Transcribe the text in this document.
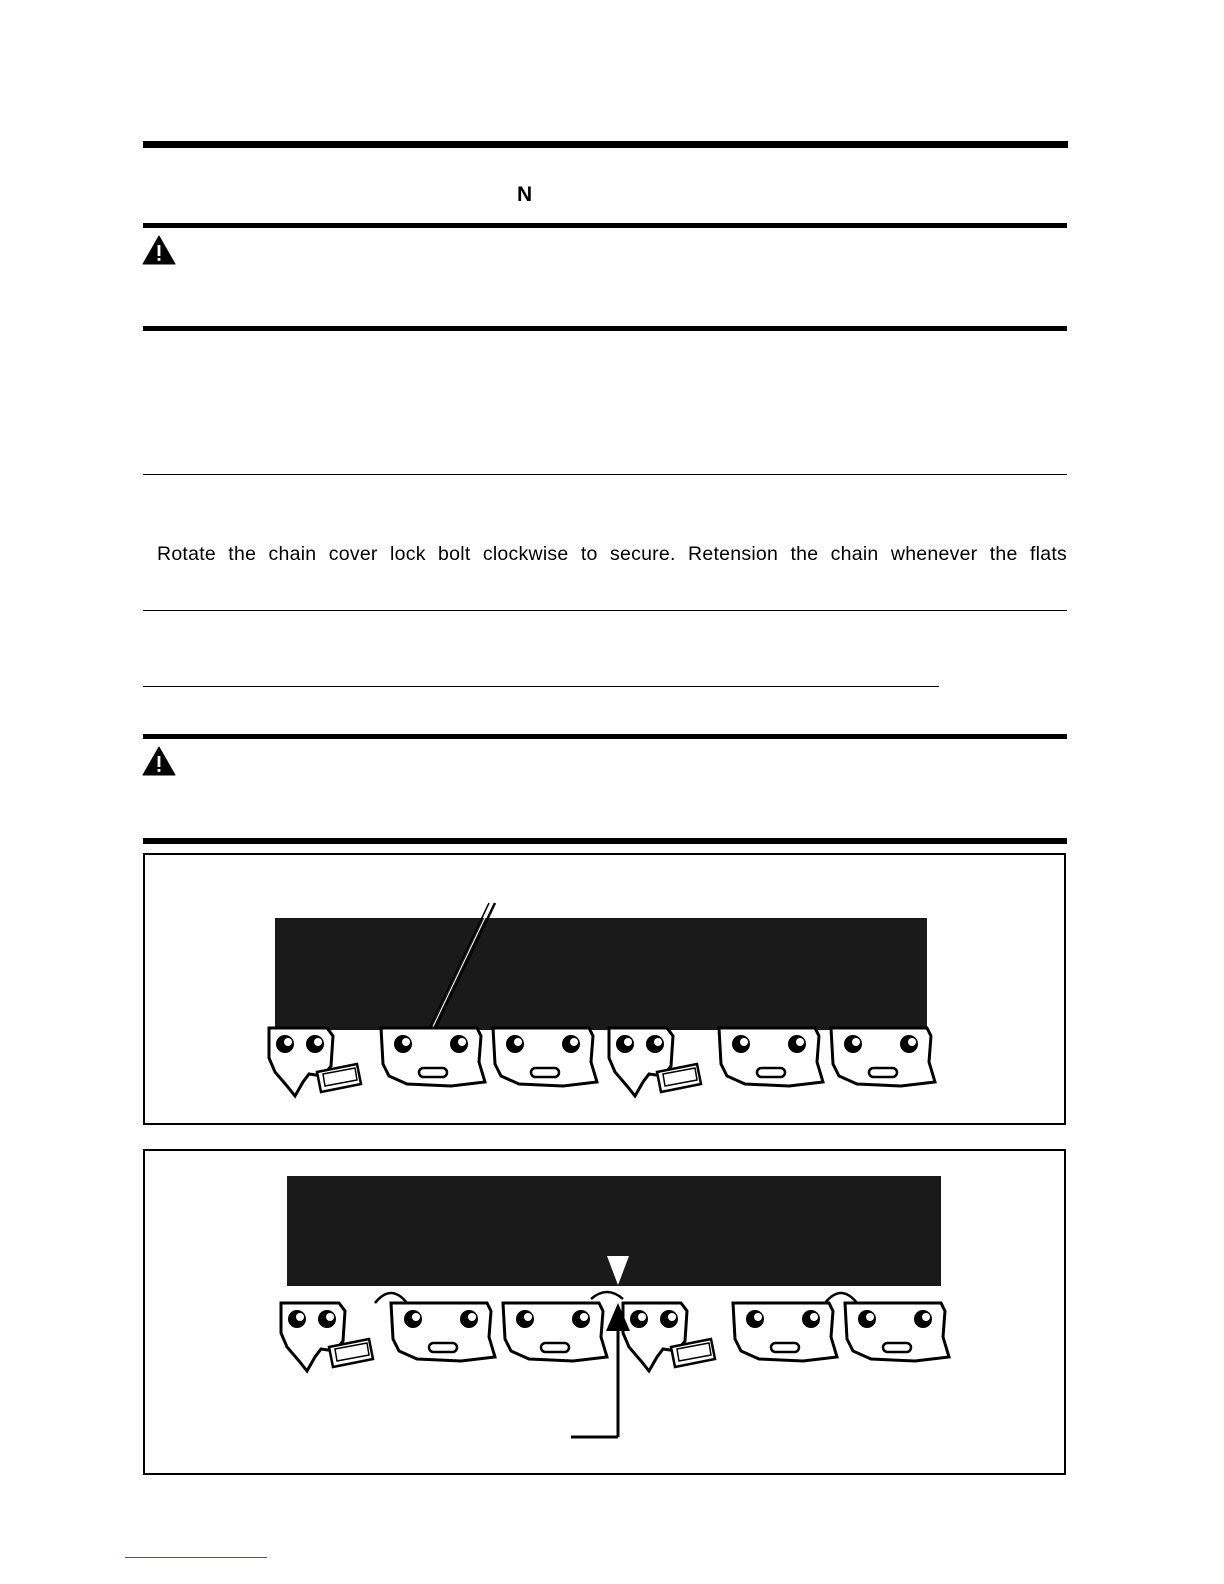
N
Rotate the chain cover lock bolt clockwise to secure. Retension the chain whenever the flats
